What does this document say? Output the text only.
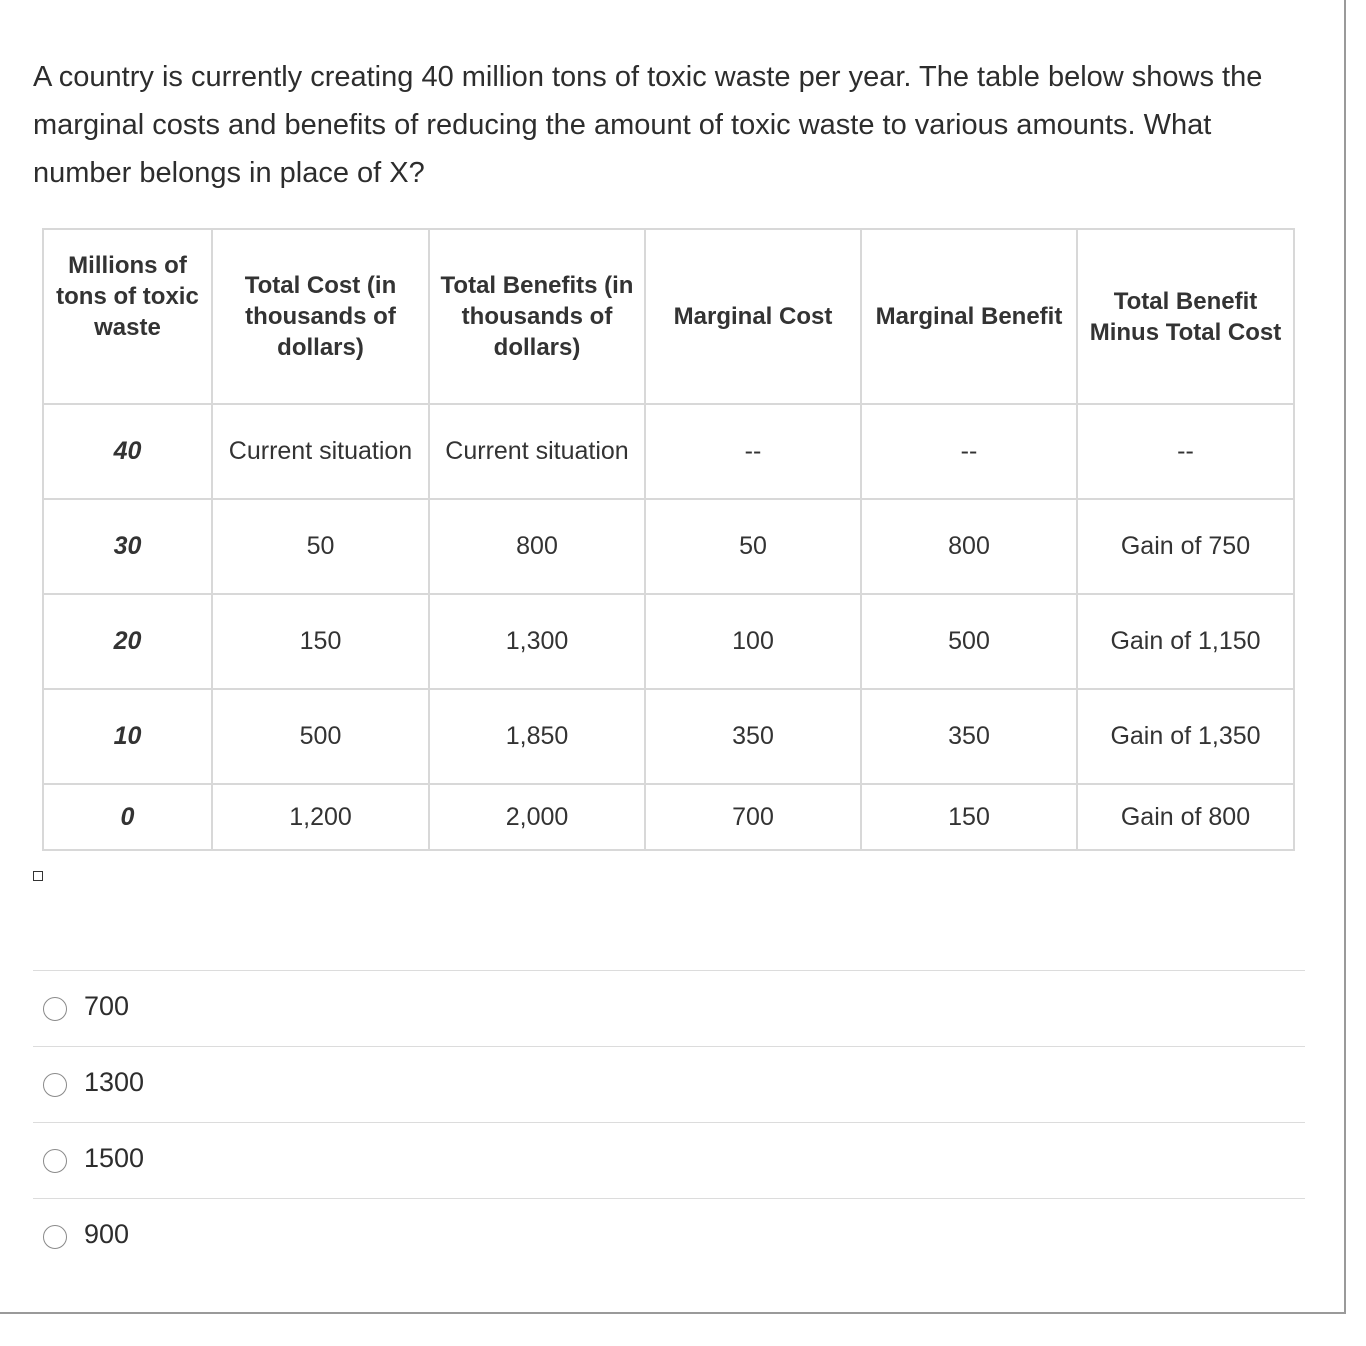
A country is currently creating 40 million tons of toxic waste per year. The table below shows the marginal costs and benefits of reducing the amount of toxic waste to various amounts. What number belongs in place of X?
Millions of tons of toxic waste	Total Cost (in thousands of dollars)	Total Benefits (in thousands of dollars)	Marginal Cost	Marginal Benefit	Total Benefit Minus Total Cost
40	Current situation	Current situation	--	--	--
30	50	800	50	800	Gain of 750
20	150	1,300	100	500	Gain of 1,150
10	500	1,850	350	350	Gain of 1,350
0	1,200	2,000	700	150	Gain of 800
700
1300
1500
900
